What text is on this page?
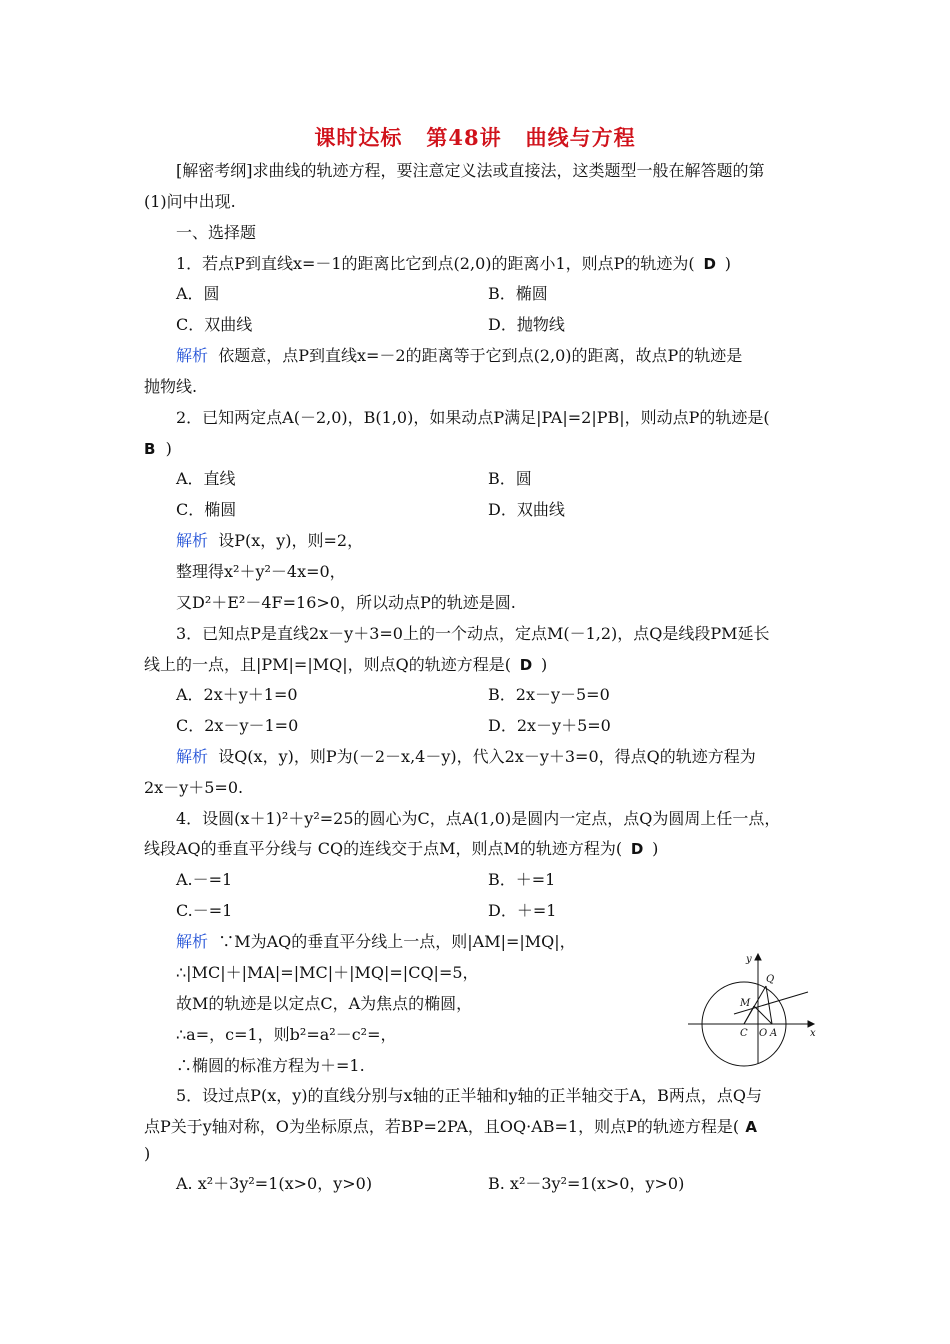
课时达标 第48讲 曲线与方程
[解密考纲]求曲线的轨迹方程，要注意定义法或直接法，这类题型一般在解答题的第
(1)问中出现.
一、选择题
1．若点P到直线x=－1的距离比它到点(2,0)的距离小1，则点P的轨迹为( D )
A．圆	B．椭圆
C．双曲线	D．抛物线
解析 依题意，点P到直线x=－2的距离等于它到点(2,0)的距离，故点P的轨迹是
抛物线.
2．已知两定点A(－2,0)，B(1,0)，如果动点P满足|PA|=2|PB|，则动点P的轨迹是(
B )
A．直线	B．圆
C．椭圆	D．双曲线
解析 设P(x，y)，则=2，
整理得x²＋y²－4x=0，
又D²＋E²－4F=16>0，所以动点P的轨迹是圆.
3．已知点P是直线2x－y＋3=0上的一个动点，定点M(－1,2)，点Q是线段PM延长
线上的一点，且|PM|=|MQ|，则点Q的轨迹方程是( D )
A．2x＋y＋1=0	B．2x－y－5=0
C．2x－y－1=0	D．2x－y＋5=0
解析 设Q(x，y)，则P为(－2－x,4－y)，代入2x－y＋3=0，得点Q的轨迹方程为
2x－y＋5=0.
4．设圆(x＋1)²＋y²=25的圆心为C，点A(1,0)是圆内一定点，点Q为圆周上任一点，
线段AQ的垂直平分线与 CQ的连线交于点M，则点M的轨迹方程为( D )
A.－=1	B．＋=1
C.－=1	D．＋=1
解析 ∵M为AQ的垂直平分线上一点，则|AM|=|MQ|，
∴|MC|＋|MA|=|MC|＋|MQ|=|CQ|=5，
故M的轨迹是以定点C，A为焦点的椭圆，
∴a=，c=1，则b²=a²－c²=，
∴椭圆的标准方程为＋=1.
y
x
Q
M
C O A
5．设过点P(x，y)的直线分别与x轴的正半轴和y轴的正半轴交于A，B两点，点Q与
点P关于y轴对称，O为坐标原点，若BP=2PA，且OQ·AB=1，则点P的轨迹方程是( A
)
A. x²＋3y²=1(x>0，y>0)	B. x²－3y²=1(x>0，y>0)
